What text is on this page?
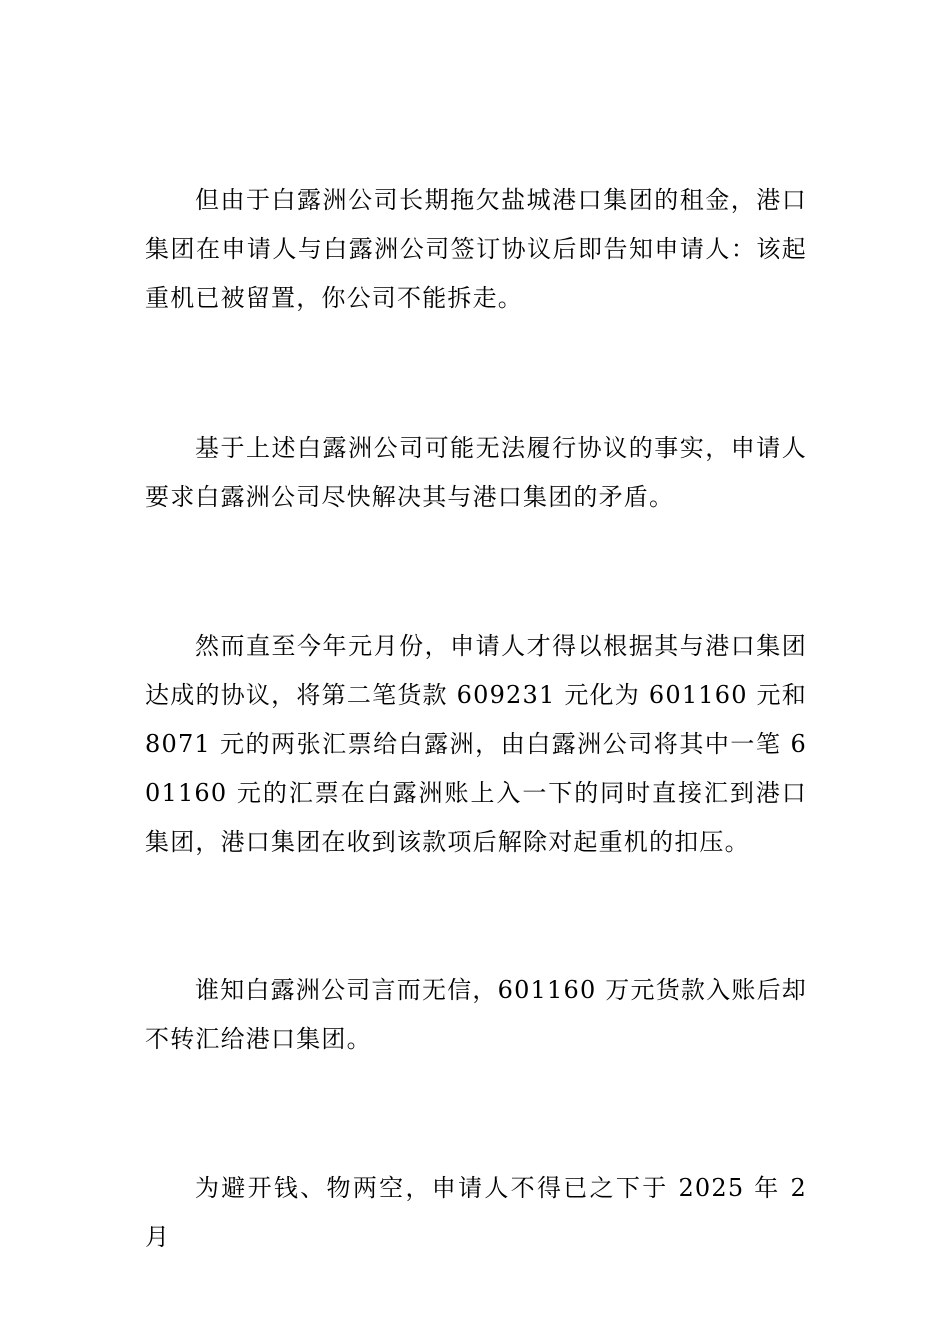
但由于白露洲公司长期拖欠盐城港口集团的租金，港口集团在申请人与白露洲公司签订协议后即告知申请人：该起重机已被留置，你公司不能拆走。

基于上述白露洲公司可能无法履行协议的事实，申请人要求白露洲公司尽快解决其与港口集团的矛盾。

然而直至今年元月份，申请人才得以根据其与港口集团达成的协议，将第二笔货款 609231 元化为 601160 元和 8071 元的两张汇票给白露洲，由白露洲公司将其中一笔 601160 元的汇票在白露洲账上入一下的同时直接汇到港口集团，港口集团在收到该款项后解除对起重机的扣压。

谁知白露洲公司言而无信，601160 万元货款入账后却不转汇给港口集团。

为避开钱、物两空，申请人不得已之下于 2025 年 2 月
